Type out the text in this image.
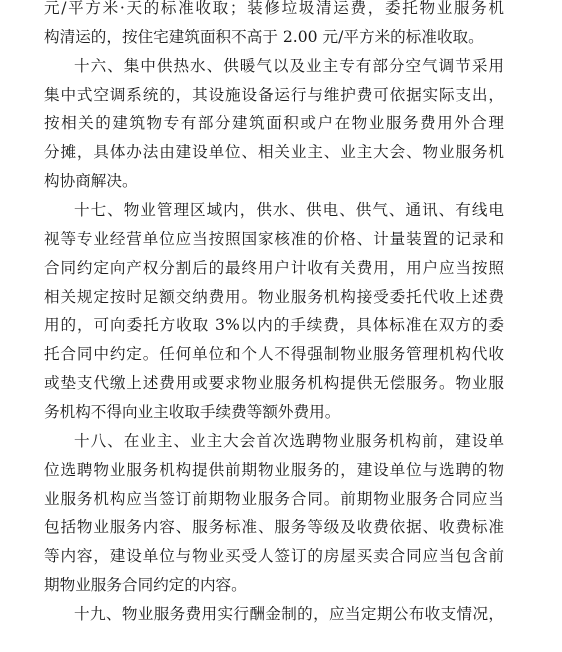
元/平方米·天的标准收取；装修垃圾清运费，委托物业服务机
构清运的，按住宅建筑面积不高于 2.00 元/平方米的标准收取。
十六、集中供热水、供暖气以及业主专有部分空气调节采用
集中式空调系统的，其设施设备运行与维护费可依据实际支出，
按相关的建筑物专有部分建筑面积或户在物业服务费用外合理
分摊，具体办法由建设单位、相关业主、业主大会、物业服务机
构协商解决。
十七、物业管理区域内，供水、供电、供气、通讯、有线电
视等专业经营单位应当按照国家核准的价格、计量装置的记录和
合同约定向产权分割后的最终用户计收有关费用，用户应当按照
相关规定按时足额交纳费用。物业服务机构接受委托代收上述费
用的，可向委托方收取 3%以内的手续费，具体标准在双方的委
托合同中约定。任何单位和个人不得强制物业服务管理机构代收
或垫支代缴上述费用或要求物业服务机构提供无偿服务。物业服
务机构不得向业主收取手续费等额外费用。
十八、在业主、业主大会首次选聘物业服务机构前，建设单
位选聘物业服务机构提供前期物业服务的，建设单位与选聘的物
业服务机构应当签订前期物业服务合同。前期物业服务合同应当
包括物业服务内容、服务标准、服务等级及收费依据、收费标准
等内容，建设单位与物业买受人签订的房屋买卖合同应当包含前
期物业服务合同约定的内容。
十九、物业服务费用实行酬金制的，应当定期公布收支情况，
